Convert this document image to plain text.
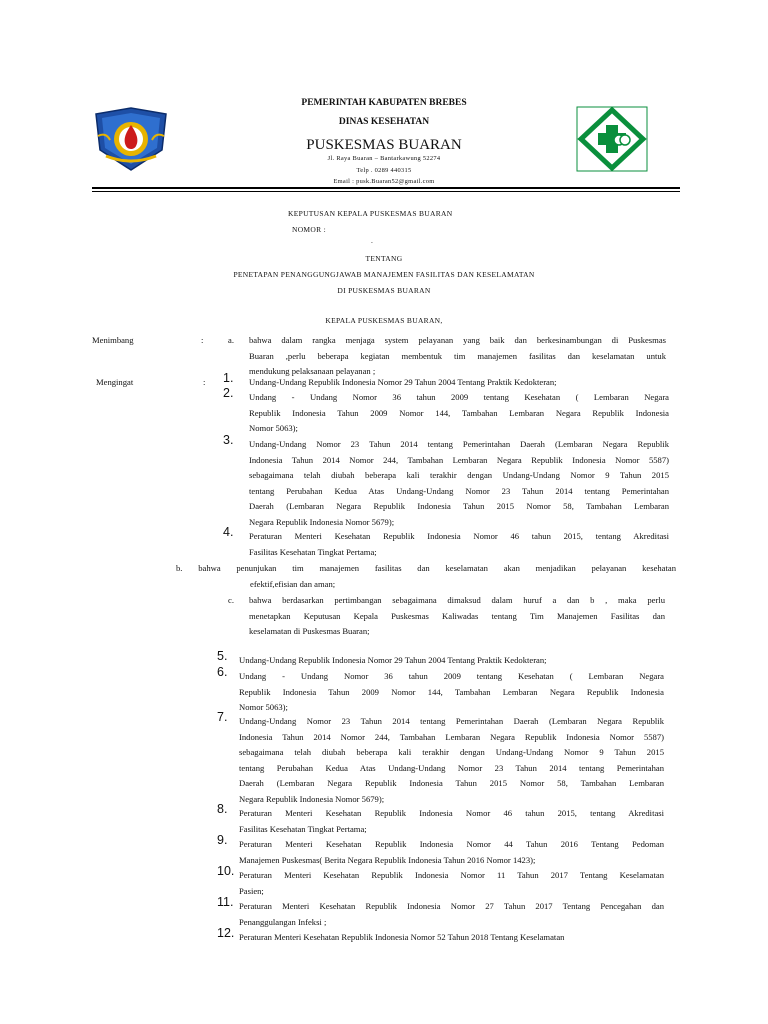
PEMERINTAH KABUPATEN BREBES
DINAS KESEHATAN
PUSKESMAS BUARAN
Jl. Raya Buaran – Bantarkawung 52274
Telp . 0289 440315
Email : pusk.Buaran52@gmail.com
KEPUTUSAN KEPALA PUSKESMAS BUARAN
NOMOR :
.
TENTANG
PENETAPAN PENANGGUNGJAWAB MANAJEMEN FASILITAS DAN KESELAMATAN
DI PUSKESMAS BUARAN
KEPALA PUSKESMAS BUARAN,
Menimbang	:	a. bahwa dalam rangka menjaga system pelayanan yang baik dan berkesinambungan di Puskesmas
Buaran ,perlu beberapa kegiatan membentuk tim manajemen fasilitas dan keselamatan untuk
mendukung pelaksanaan pelayanan ;
Mengingat	: 1. Undang-Undang Republik Indonesia Nomor 29 Tahun 2004 Tentang Praktik Kedokteran;
2. Undang - Undang Nomor 36 tahun 2009 tentang Kesehatan ( Lembaran Negara
Republik Indonesia Tahun 2009 Nomor 144, Tambahan Lembaran Negara Republik Indonesia
Nomor 5063);
3. Undang-Undang Nomor 23 Tahun 2014 tentang Pemerintahan Daerah (Lembaran Negara Republik
Indonesia Tahun 2014 Nomor 244, Tambahan Lembaran Negara Republik Indonesia Nomor 5587)
sebagaimana telah diubah beberapa kali terakhir dengan Undang-Undang Nomor 9 Tahun 2015
tentang Perubahan Kedua Atas Undang-Undang Nomor 23 Tahun 2014 tentang Pemerintahan
Daerah (Lembaran Negara Republik Indonesia Tahun 2015 Nomor 58, Tambahan Lembaran
Negara Republik Indonesia Nomor 5679);
4. Peraturan Menteri Kesehatan Republik Indonesia Nomor 46 tahun 2015, tentang Akreditasi
Fasilitas Kesehatan Tingkat Pertama;
b. bahwa penunjukan tim manajemen fasilitas dan keselamatan akan menjadikan pelayanan kesehatan
efektif,efisian dan aman;
c. bahwa berdasarkan pertimbangan sebagaimana dimaksud dalam huruf a dan b , maka perlu
menetapkan Keputusan Kepala Puskesmas Kaliwadas tentang Tim Manajemen Fasilitas dan
keselamatan di Puskesmas Buaran;
5. Undang-Undang Republik Indonesia Nomor 29 Tahun 2004 Tentang Praktik Kedokteran;
6. Undang - Undang Nomor 36 tahun 2009 tentang Kesehatan ( Lembaran Negara
Republik Indonesia Tahun 2009 Nomor 144, Tambahan Lembaran Negara Republik Indonesia
Nomor 5063);
7. Undang-Undang Nomor 23 Tahun 2014 tentang Pemerintahan Daerah (Lembaran Negara Republik
Indonesia Tahun 2014 Nomor 244, Tambahan Lembaran Negara Republik Indonesia Nomor 5587)
sebagaimana telah diubah beberapa kali terakhir dengan Undang-Undang Nomor 9 Tahun 2015
tentang Perubahan Kedua Atas Undang-Undang Nomor 23 Tahun 2014 tentang Pemerintahan
Daerah (Lembaran Negara Republik Indonesia Tahun 2015 Nomor 58, Tambahan Lembaran
Negara Republik Indonesia Nomor 5679);
8. Peraturan Menteri Kesehatan Republik Indonesia Nomor 46 tahun 2015, tentang Akreditasi
Fasilitas Kesehatan Tingkat Pertama;
9. Peraturan Menteri Kesehatan Republik Indonesia Nomor 44 Tahun 2016 Tentang Pedoman
Manajemen Puskesmas( Berita Negara Republik Indonesia Tahun 2016 Nomor 1423);
10. Peraturan Menteri Kesehatan Republik Indonesia Nomor 11 Tahun 2017 Tentang Keselamatan
Pasien;
11. Peraturan Menteri Kesehatan Republik Indonesia Nomor 27 Tahun 2017 Tentang Pencegahan dan
Penanggulangan Infeksi ;
12. Peraturan Menteri Kesehatan Republik Indonesia Nomor 52 Tahun 2018 Tentang Keselamatan
